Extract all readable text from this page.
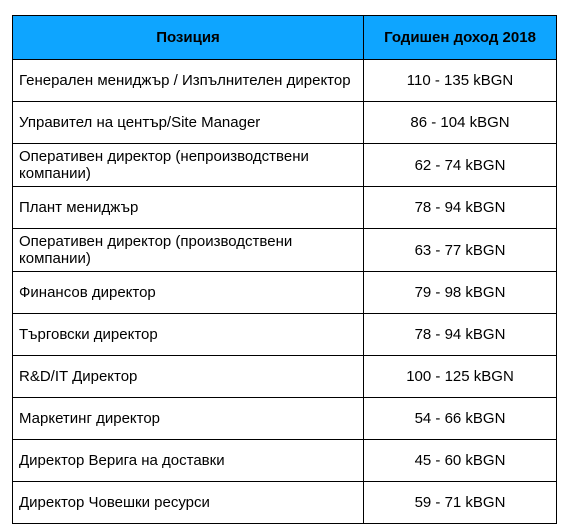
Позиция	Годишен доход 2018
Генерален мениджър / Изпълнителен директор	110 - 135 kBGN
Управител на център/Site Manager	86 - 104 kBGN
Оперативен директор (непроизводствени компании)	62 - 74 kBGN
Плант мениджър	78 - 94 kBGN
Оперативен директор (производствени компании)	63 - 77 kBGN
Финансов директор	79 - 98 kBGN
Търговски директор	78 - 94 kBGN
R&D/IT Директор	100 - 125 kBGN
Маркетинг директор	54 - 66 kBGN
Директор Верига на доставки	45 - 60 kBGN
Директор Човешки ресурси	59 - 71 kBGN
